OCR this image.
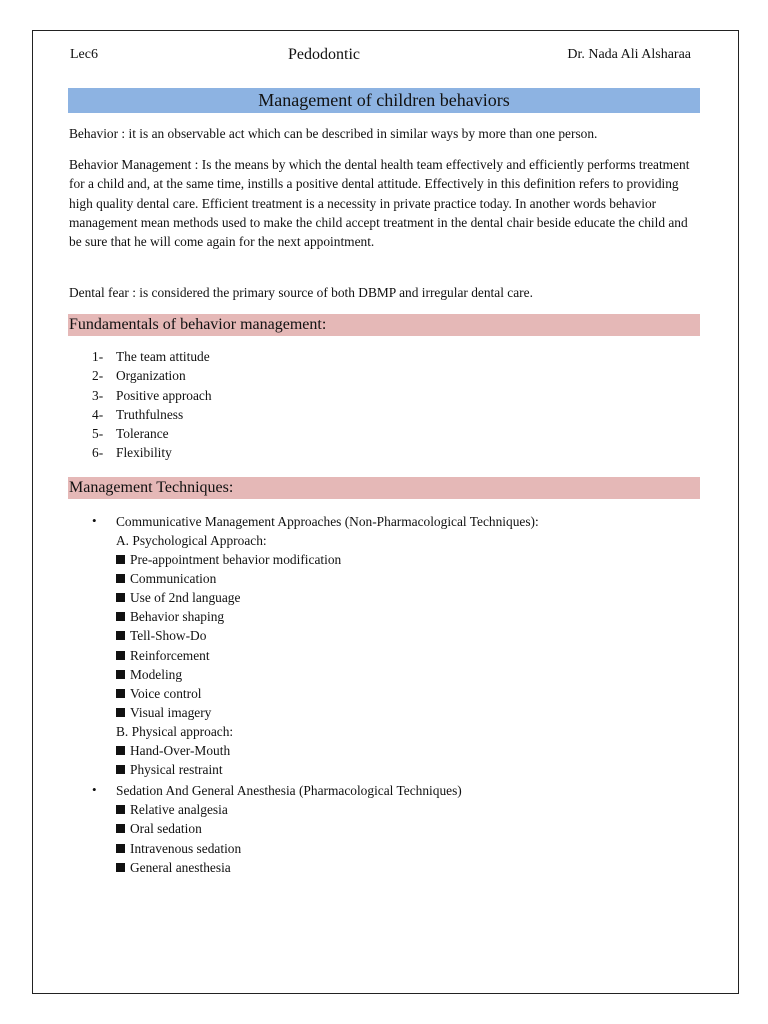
Lec6	Pedodontic	Dr. Nada Ali Alsharaa
Management of children behaviors
Behavior : it is an observable act which can be described in similar ways by more than one person.
Behavior Management : Is the means by which the dental health team effectively and efficiently performs treatment for a child and, at the same time, instills a positive dental attitude. Effectively in this definition refers to providing high quality dental care. Efficient treatment is a necessity in private practice today. In another words behavior management mean methods used to make the child accept treatment in the dental chair beside educate the child and be sure that he will come again for the next appointment.
Dental fear : is considered the primary source of both DBMP and irregular dental care.
Fundamentals of behavior management:
1- The team attitude
2- Organization
3- Positive approach
4- Truthfulness
5- Tolerance
6- Flexibility
Management Techniques:
• Communicative Management Approaches (Non-Pharmacological Techniques):
A. Psychological Approach:
Pre-appointment behavior modification
Communication
Use of 2nd language
Behavior shaping
Tell-Show-Do
Reinforcement
Modeling
Voice control
Visual imagery
B. Physical approach:
Hand-Over-Mouth
Physical restraint
• Sedation And General Anesthesia (Pharmacological Techniques)
Relative analgesia
Oral sedation
Intravenous sedation
General anesthesia
